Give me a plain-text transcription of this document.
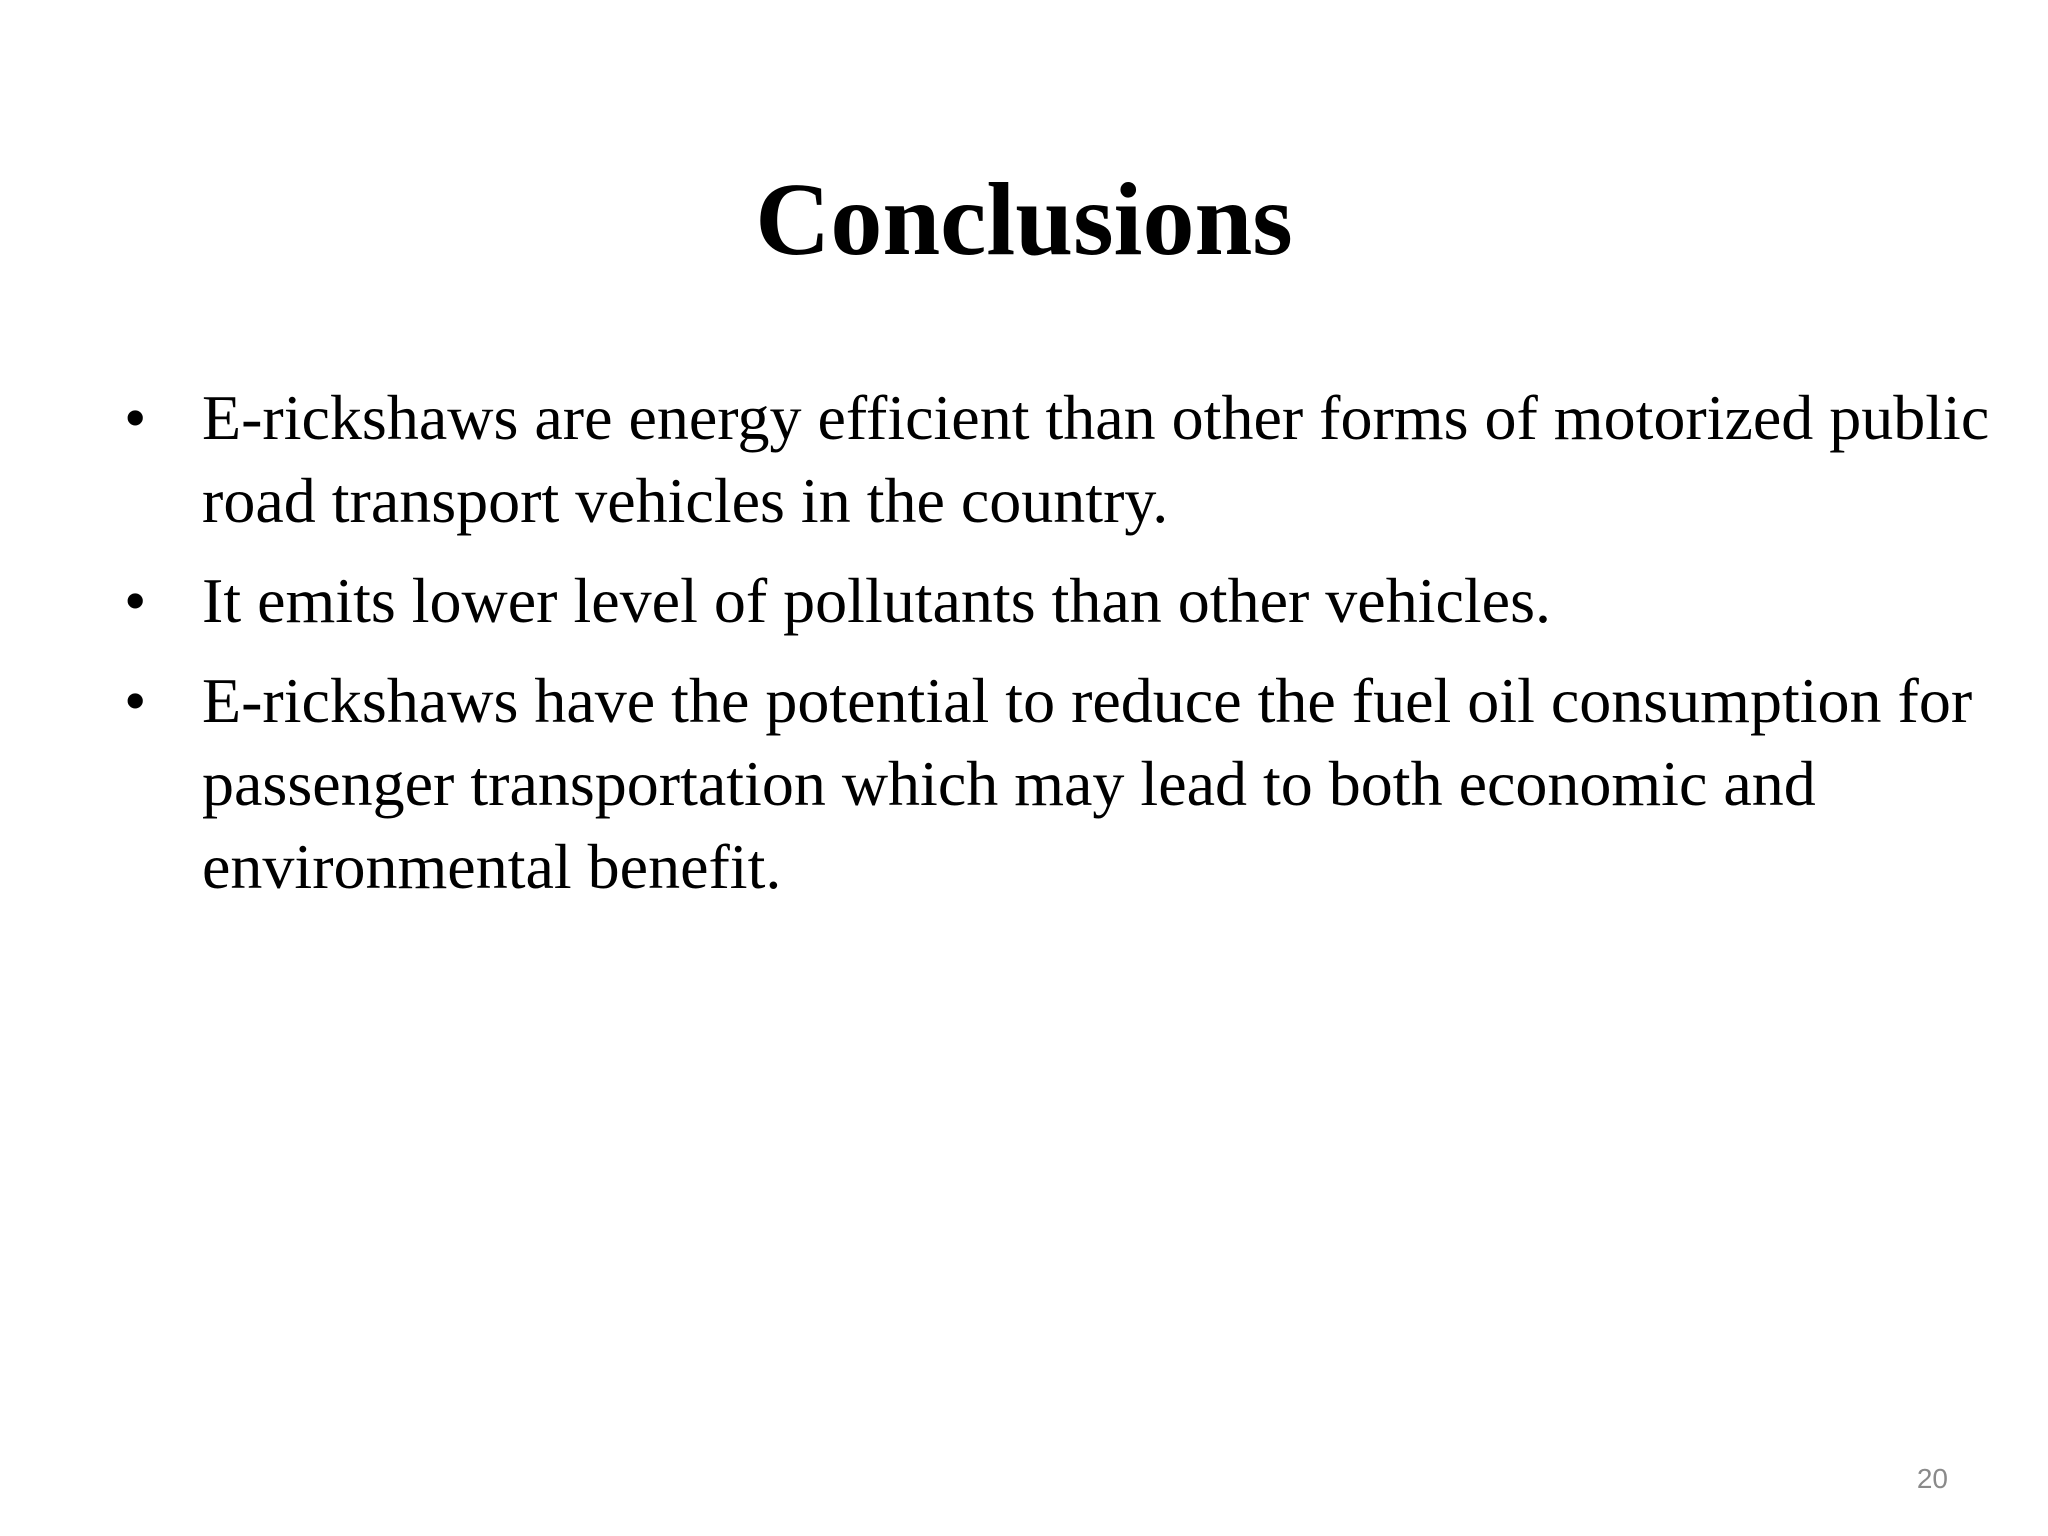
Conclusions
• E-rickshaws are energy efficient than other forms of motorized public road transport vehicles in the country.
• It emits lower level of pollutants than other vehicles.
• E-rickshaws have the potential to reduce the fuel oil consumption for passenger transportation which may lead to both economic and environmental benefit.
20
